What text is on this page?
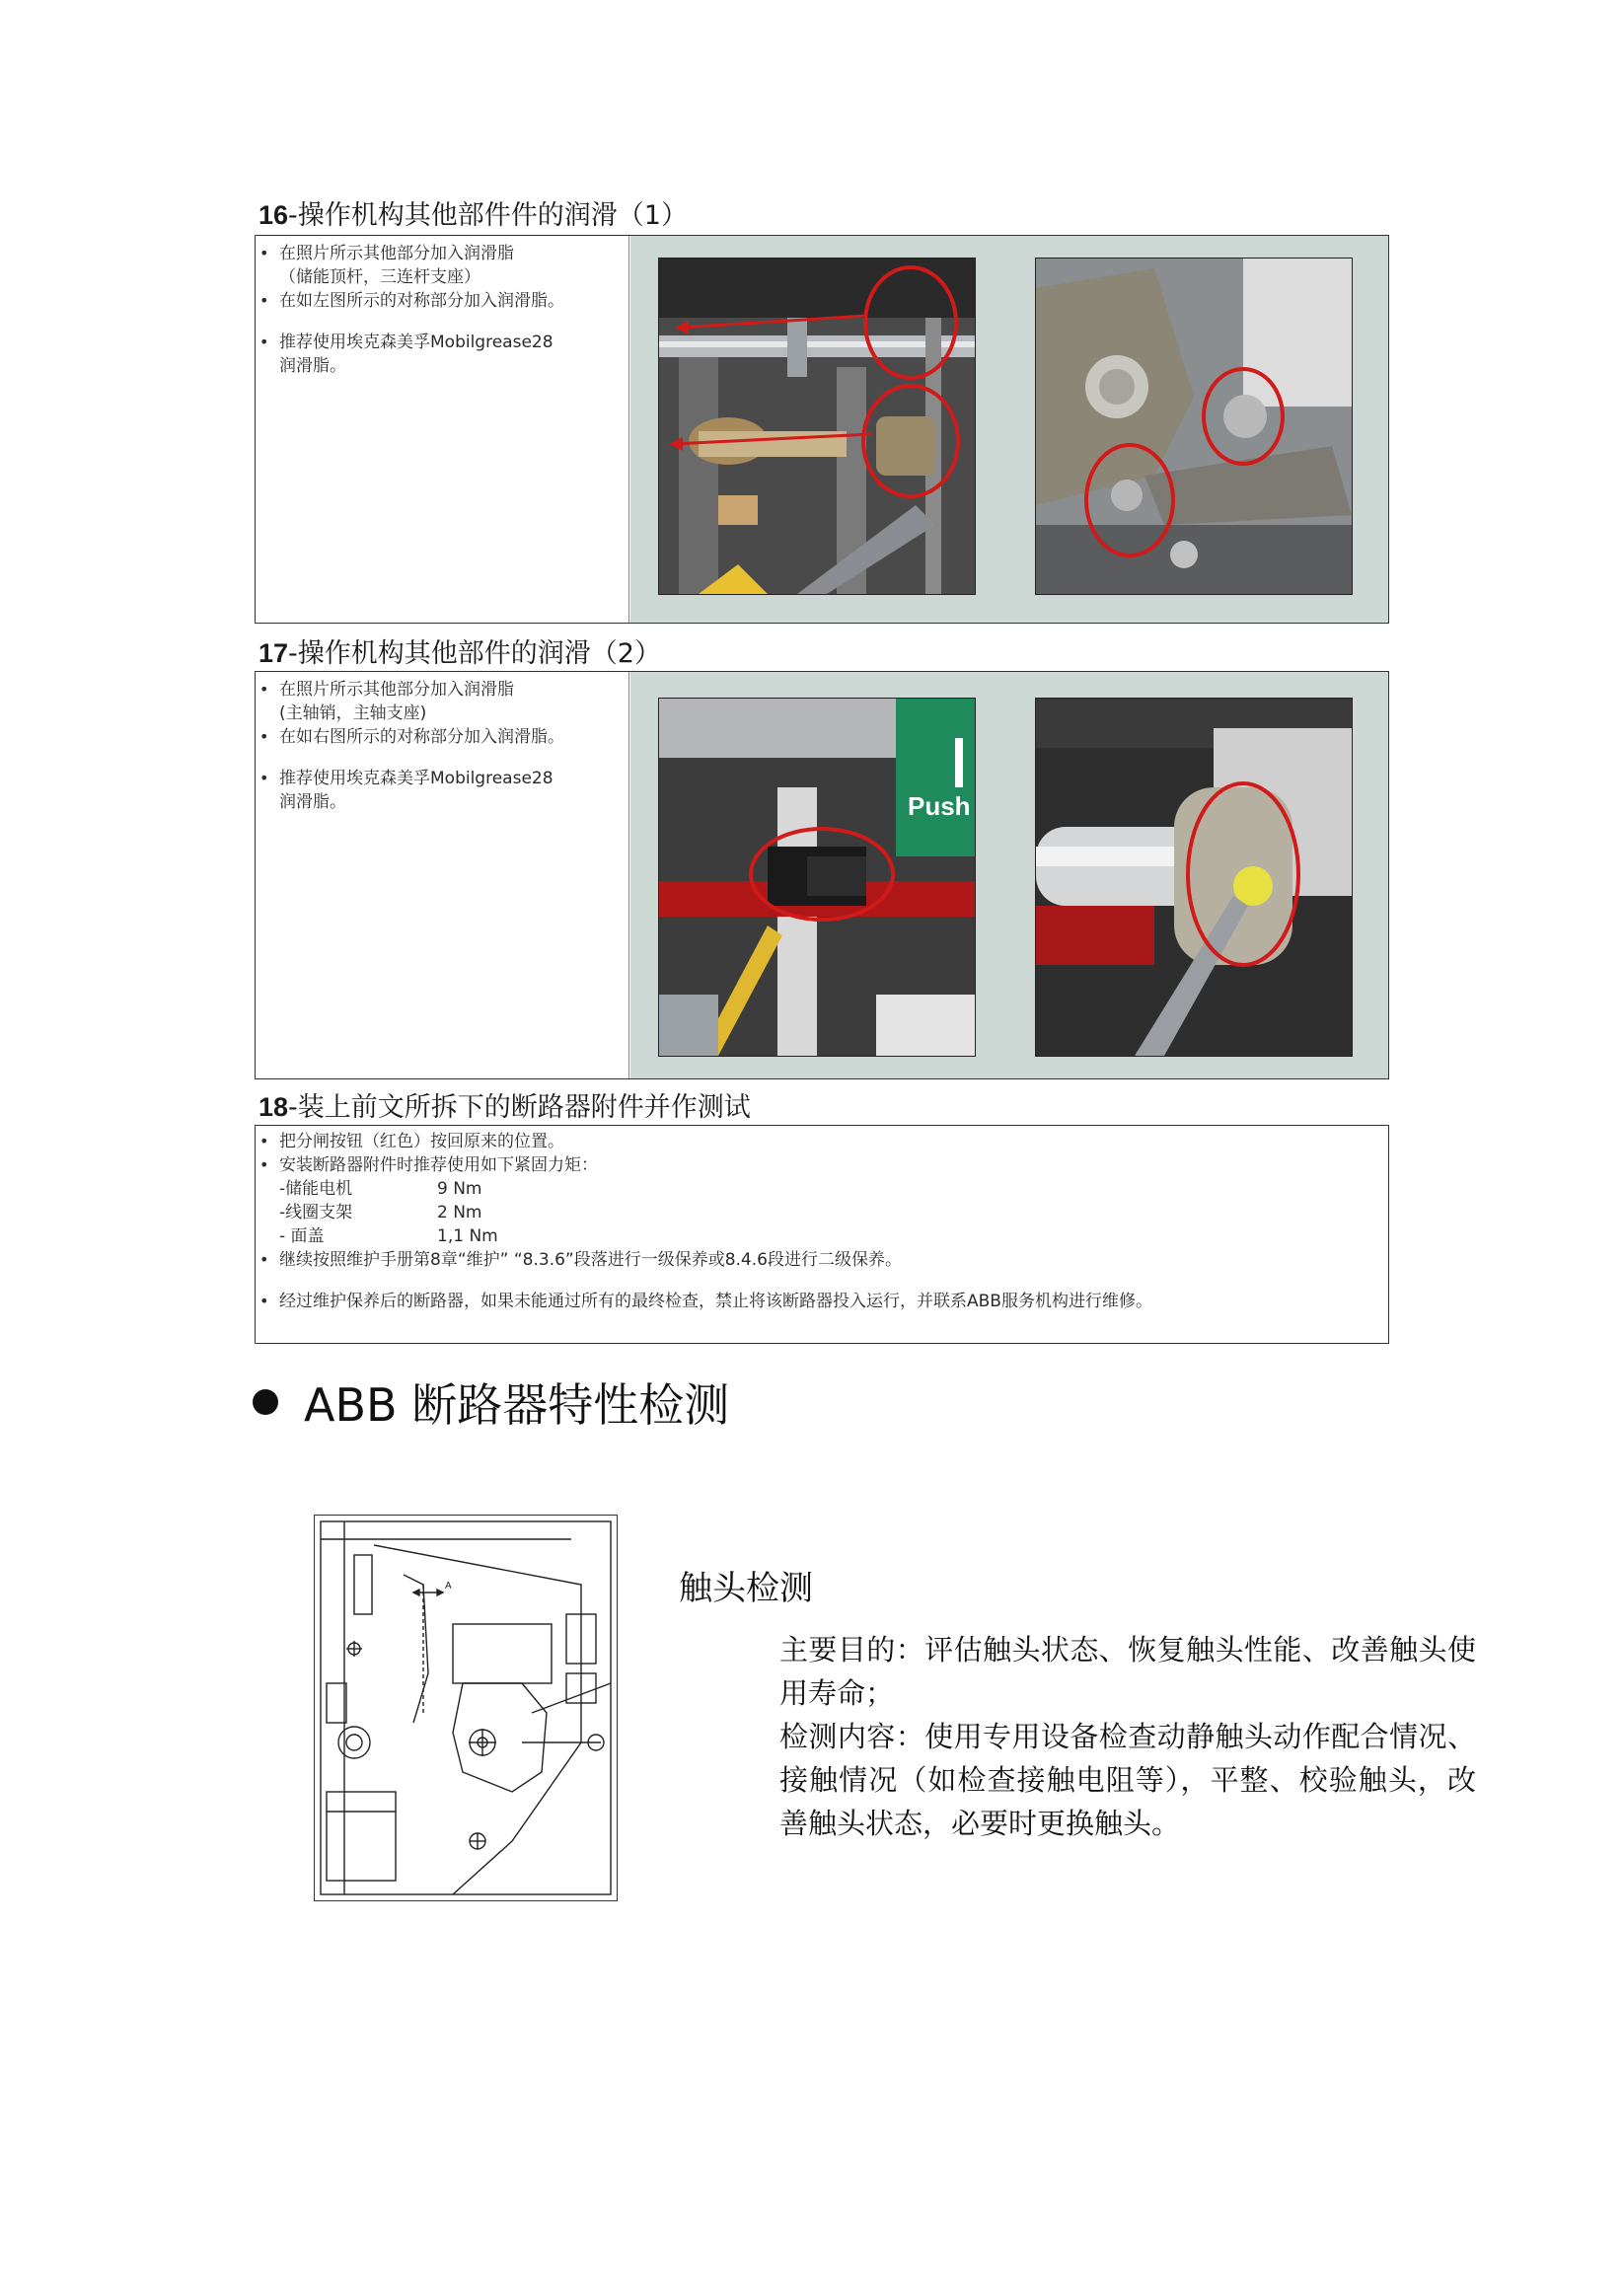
16-操作机构其他部件件的润滑（1）
• 在照片所示其他部分加入润滑脂
（储能顶杆，三连杆支座）
• 在如左图所示的对称部分加入润滑脂。
• 推荐使用埃克森美孚Mobilgrease28
润滑脂。
17-操作机构其他部件的润滑（2）
• 在照片所示其他部分加入润滑脂
(主轴销，主轴支座)
• 在如右图所示的对称部分加入润滑脂。
• 推荐使用埃克森美孚Mobilgrease28
润滑脂。	Push
18-装上前文所拆下的断路器附件并作测试
• 把分闸按钮（红色）按回原来的位置。
• 安装断路器附件时推荐使用如下紧固力矩：
-储能电机	9 Nm
-线圈支架	2 Nm
- 面盖	1,1 Nm
• 继续按照维护手册第8章“维护” “8.3.6”段落进行一级保养或8.4.6段进行二级保养。
• 经过维护保养后的断路器，如果未能通过所有的最终检查，禁止将该断路器投入运行，并联系ABB服务机构进行维修。
ABB 断路器特性检测
A	触头检测

主要目的：评估触头状态、恢复触头性能、改善触头使用寿命；

检测内容：使用专用设备检查动静触头动作配合情况、接触情况（如检查接触电阻等），平整、校验触头，改善触头状态，必要时更换触头。
